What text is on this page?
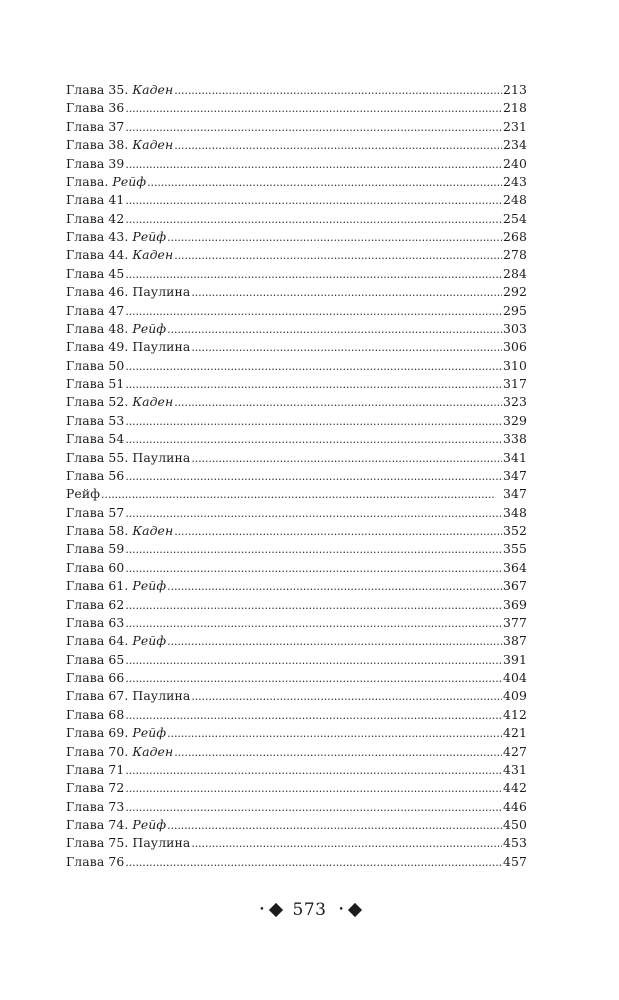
Глава 35. Каден . . .	213
Глава 36 . . .	218
Глава 37 . . .	231
Глава 38. Каден . . .	234
Глава 39 . . .	240
Глава. Рейф . . .	243
Глава 41 . . .	248
Глава 42 . . .	254
Глава 43. Рейф . . .	268
Глава 44. Каден . . .	278
Глава 45 . . .	284
Глава 46. Паулина . . .	292
Глава 47 . . .	295
Глава 48. Рейф . . .	303
Глава 49. Паулина . . .	306
Глава 50 . . .	310
Глава 51 . . .	317
Глава 52. Каден . . .	323
Глава 53 . . .	329
Глава 54 . . .	338
Глава 55. Паулина . . .	341
Глава 56 . . .	347
Рейф . . .	347
Глава 57 . . .	348
Глава 58. Каден . . .	352
Глава 59 . . .	355
Глава 60 . . .	364
Глава 61. Рейф . . .	367
Глава 62 . . .	369
Глава 63 . . .	377
Глава 64. Рейф . . .	387
Глава 65 . . .	391
Глава 66 . . .	404
Глава 67. Паулина . . .	409
Глава 68 . . .	412
Глава 69. Рейф . . .	421
Глава 70. Каден . . .	427
Глава 71 . . .	431
Глава 72 . . .	442
Глава 73 . . .	446
Глава 74. Рейф . . .	450
Глава 75. Паулина . . .	453
Глава 76 . . .	457
• 573 •
